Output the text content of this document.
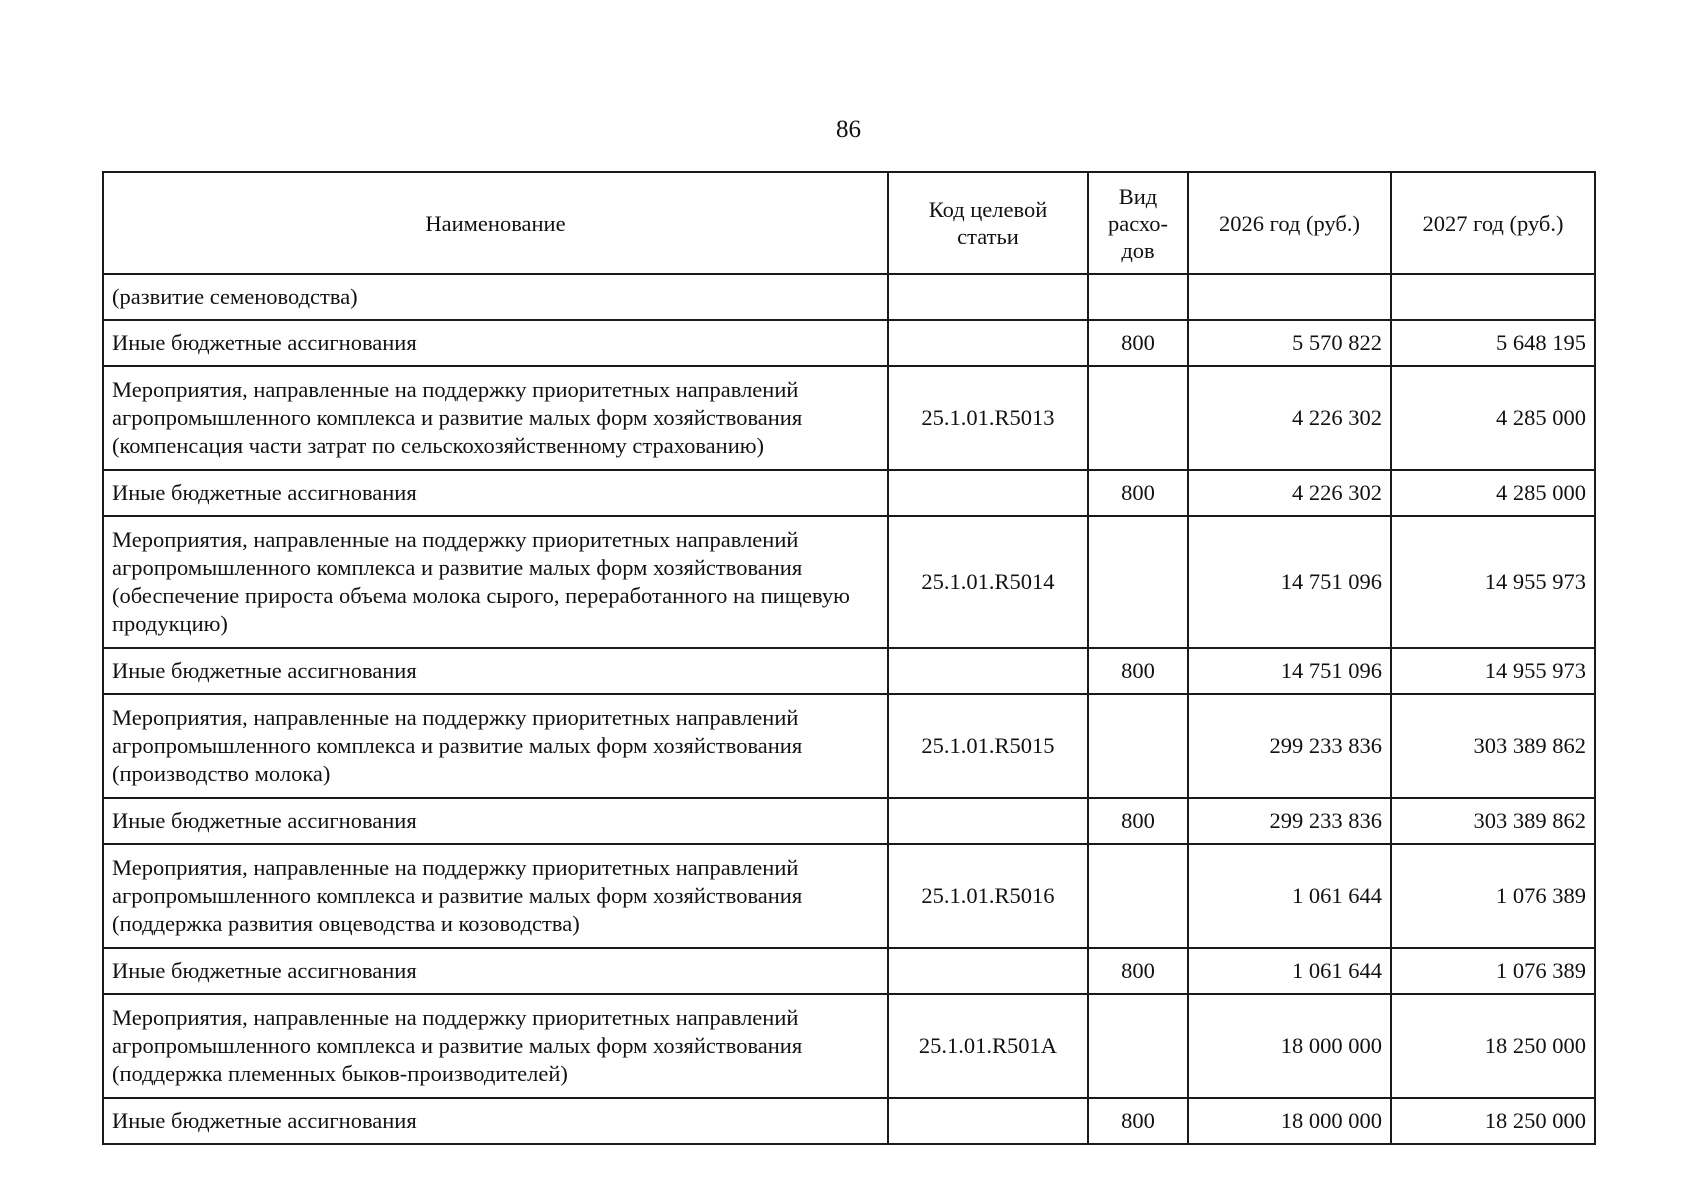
86
Наименование	Код целевой статьи	Вид расхо-дов	2026 год (руб.)	2027 год (руб.)
(развитие семеноводства)				
Иные бюджетные ассигнования		800	5 570 822	5 648 195
Мероприятия, направленные на поддержку приоритетных направлений агропромышленного комплекса и развитие малых форм хозяйствования (компенсация части затрат по сельскохозяйственному страхованию)	25.1.01.R5013		4 226 302	4 285 000
Иные бюджетные ассигнования		800	4 226 302	4 285 000
Мероприятия, направленные на поддержку приоритетных направлений агропромышленного комплекса и развитие малых форм хозяйствования (обеспечение прироста объема молока сырого, переработанного на пищевую продукцию)	25.1.01.R5014		14 751 096	14 955 973
Иные бюджетные ассигнования		800	14 751 096	14 955 973
Мероприятия, направленные на поддержку приоритетных направлений агропромышленного комплекса и развитие малых форм хозяйствования (производство молока)	25.1.01.R5015		299 233 836	303 389 862
Иные бюджетные ассигнования		800	299 233 836	303 389 862
Мероприятия, направленные на поддержку приоритетных направлений агропромышленного комплекса и развитие малых форм хозяйствования (поддержка развития овцеводства и козоводства)	25.1.01.R5016		1 061 644	1 076 389
Иные бюджетные ассигнования		800	1 061 644	1 076 389
Мероприятия, направленные на поддержку приоритетных направлений агропромышленного комплекса и развитие малых форм хозяйствования (поддержка племенных быков-производителей)	25.1.01.R501A		18 000 000	18 250 000
Иные бюджетные ассигнования		800	18 000 000	18 250 000
